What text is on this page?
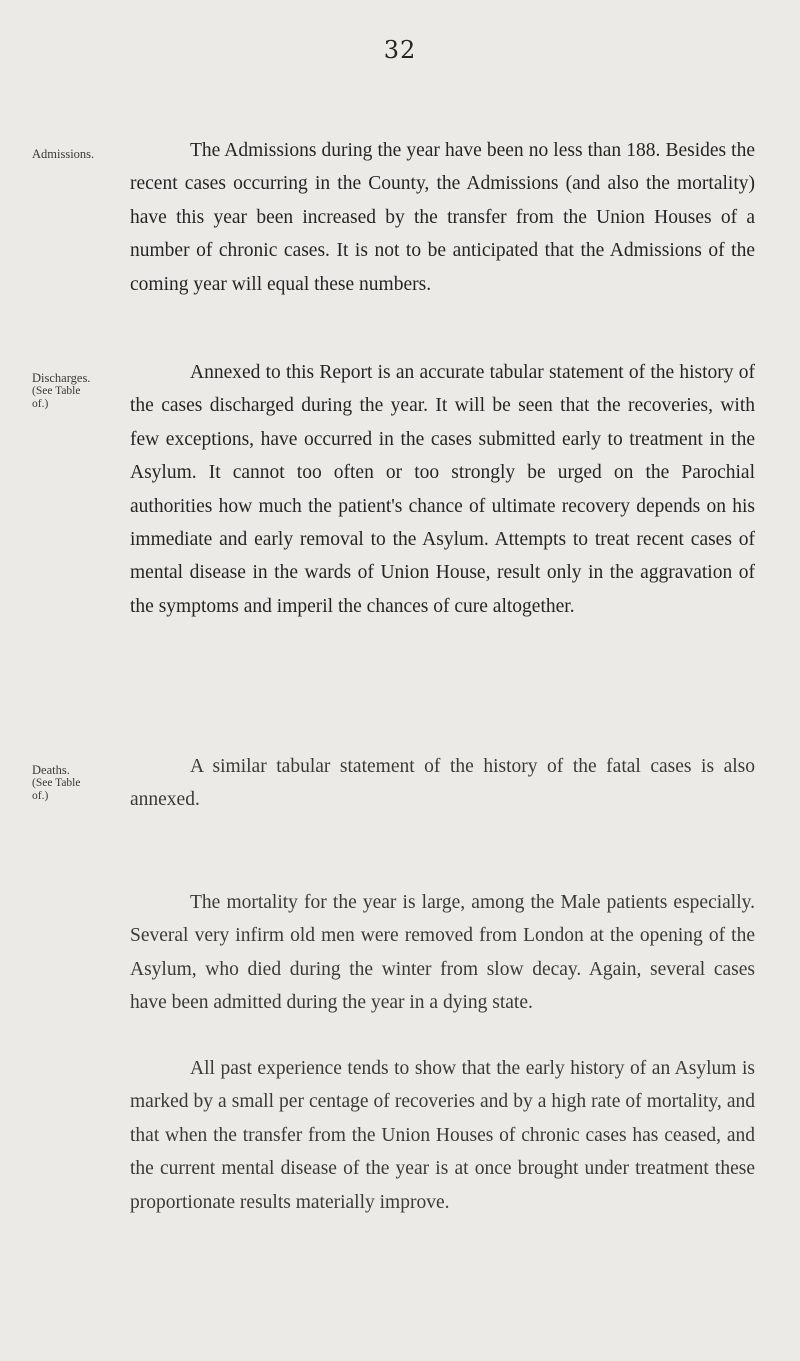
32
Admissions.	The Admissions during the year have been no less than 188. Besides the recent cases occurring in the County, the Admissions (and also the mortality) have this year been increased by the transfer from the Union Houses of a number of chronic cases. It is not to be anticipated that the Admissions of the coming year will equal these numbers.

Discharges.
(See Table of.)

Annexed to this Report is an accurate tabular statement of the history of the cases discharged during the year. It will be seen that the recoveries, with few exceptions, have occurred in the cases submitted early to treatment in the Asylum. It cannot too often or too strongly be urged on the Parochial authorities how much the patient's chance of ultimate recovery depends on his immediate and early removal to the Asylum. Attempts to treat recent cases of mental disease in the wards of Union House, result only in the aggravation of the symptoms and imperil the chances of cure altogether.

Deaths.
(See Table of.)

A similar tabular statement of the history of the fatal cases is also annexed.

The mortality for the year is large, among the Male patients especially. Several very infirm old men were removed from London at the opening of the Asylum, who died during the winter from slow decay. Again, several cases have been admitted during the year in a dying state.

All past experience tends to show that the early history of an Asylum is marked by a small per centage of recoveries and by a high rate of mortality, and that when the transfer from the Union Houses of chronic cases has ceased, and the current mental disease of the year is at once brought under treatment these proportionate results materially improve.
